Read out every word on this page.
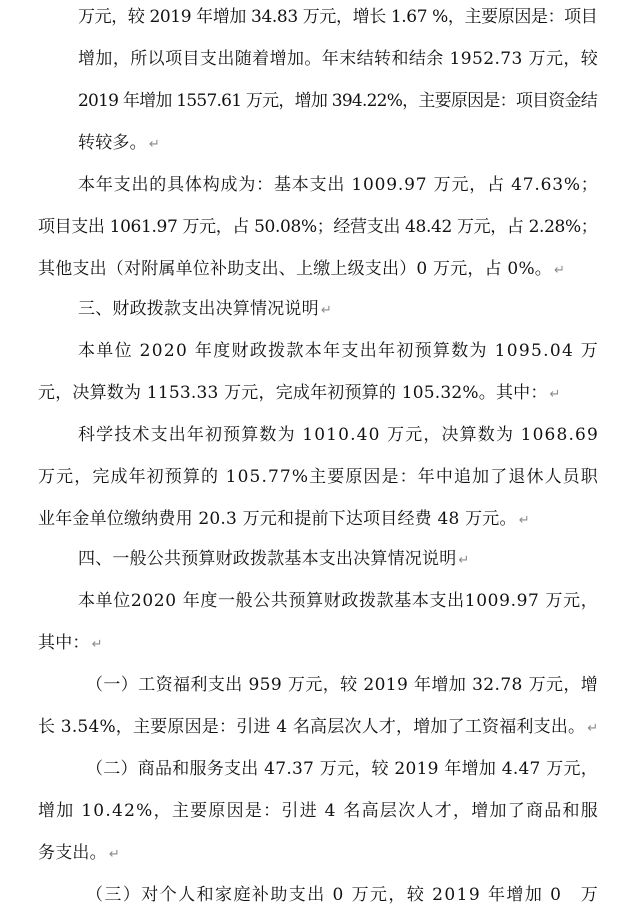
万元，较 2019 年增加 34.83 万元，增长 1.67 %，主要原因是：项目
增加，所以项目支出随着增加。年末结转和结余 1952.73 万元，较
2019 年增加 1557.61 万元，增加 394.22%，主要原因是：项目资金结
转较多。 ↵
本年支出的具体构成为：基本支出 1009.97 万元，占 47.63%；
项目支出 1061.97 万元，占 50.08%；经营支出 48.42 万元，占 2.28%；
其他支出（对附属单位补助支出、上缴上级支出）0 万元，占 0%。 ↵
三、财政拨款支出决算情况说明 ↵
本单位 2020 年度财政拨款本年支出年初预算数为 1095.04 万
元，决算数为 1153.33 万元，完成年初预算的 105.32%。其中： ↵
科学技术支出年初预算数为 1010.40 万元，决算数为 1068.69
万元，完成年初预算的 105.77%主要原因是：年中追加了退休人员职
业年金单位缴纳费用 20.3 万元和提前下达项目经费 48 万元。 ↵
四、一般公共预算财政拨款基本支出决算情况说明 ↵
本单位2020 年度一般公共预算财政拨款基本支出1009.97 万元，
其中： ↵
（一）工资福利支出 959 万元，较 2019 年增加 32.78 万元，增
长 3.54%，主要原因是：引进 4 名高层次人才，增加了工资福利支出。 ↵
（二）商品和服务支出 47.37 万元，较 2019 年增加 4.47 万元，
增加 10.42%，主要原因是：引进 4 名高层次人才，增加了商品和服
务支出。 ↵
（三）对个人和家庭补助支出 0 万元，较 2019 年增加 0　万
